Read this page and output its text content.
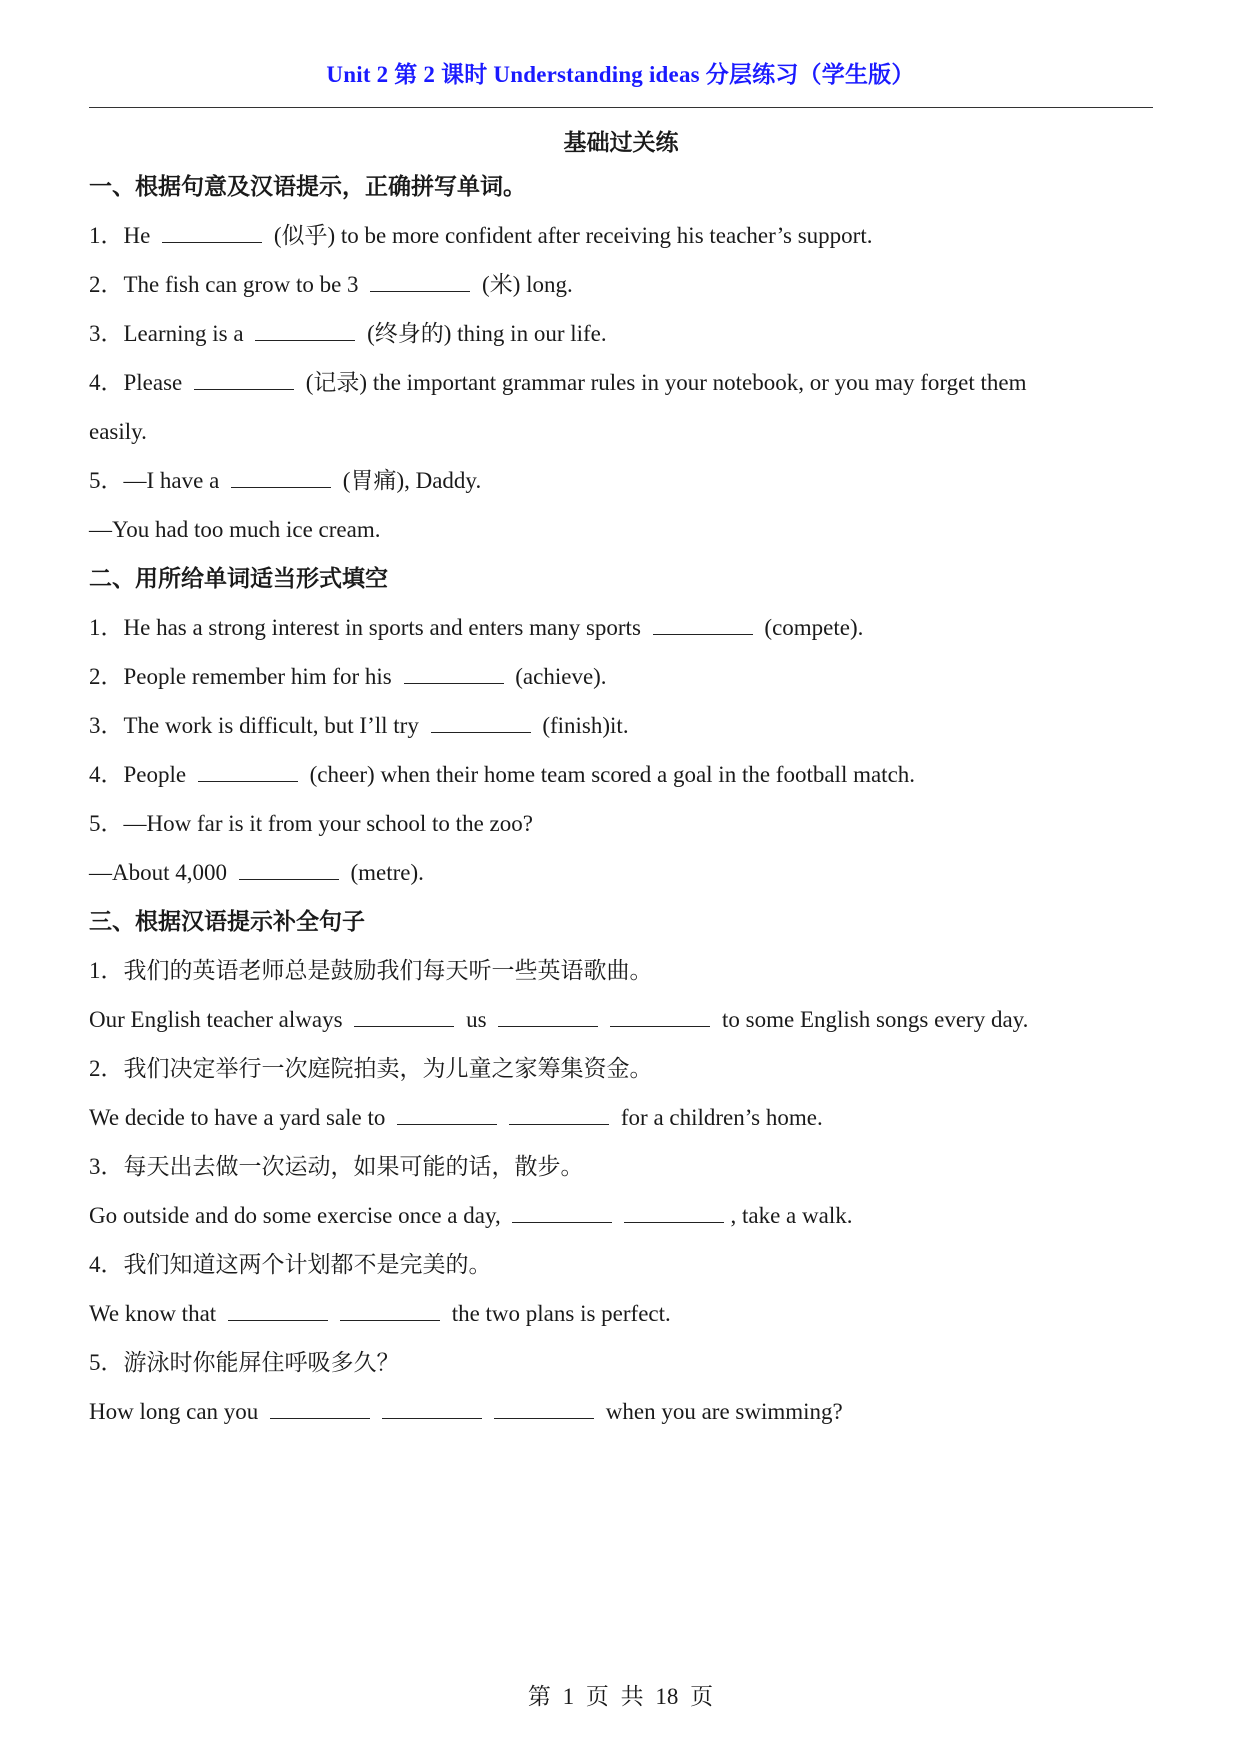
Unit 2 第 2 课时 Understanding ideas 分层练习（学生版）
基础过关练
一、根据句意及汉语提示，正确拼写单词。
1．He	(似乎) to be more confident after receiving his teacher’s support.
2．The fish can grow to be 3	(米) long.
3．Learning is a	(终身的) thing in our life.
4．Please	(记录) the important grammar rules in your notebook, or you may forget them
easily.
5．—I have a	(胃痛), Daddy.
—You had too much ice cream.
二、用所给单词适当形式填空
1．He has a strong interest in sports and enters many sports	(compete).
2．People remember him for his	(achieve).
3．The work is difficult, but I’ll try	(finish)it.
4．People	(cheer) when their home team scored a goal in the football match.
5．—How far is it from your school to the zoo?
—About 4,000	(metre).
三、根据汉语提示补全句子
1．我们的英语老师总是鼓励我们每天听一些英语歌曲。
Our English teacher always	us	to some English songs every day.
2．我们决定举行一次庭院拍卖，为儿童之家筹集资金。
We decide to have a yard sale to	for a children’s home.
3．每天出去做一次运动，如果可能的话，散步。
Go outside and do some exercise once a day,	, take a walk.
4．我们知道这两个计划都不是完美的。
We know that	the two plans is perfect.
5．游泳时你能屏住呼吸多久？
How long can you	when you are swimming?
第 1 页 共 18 页
